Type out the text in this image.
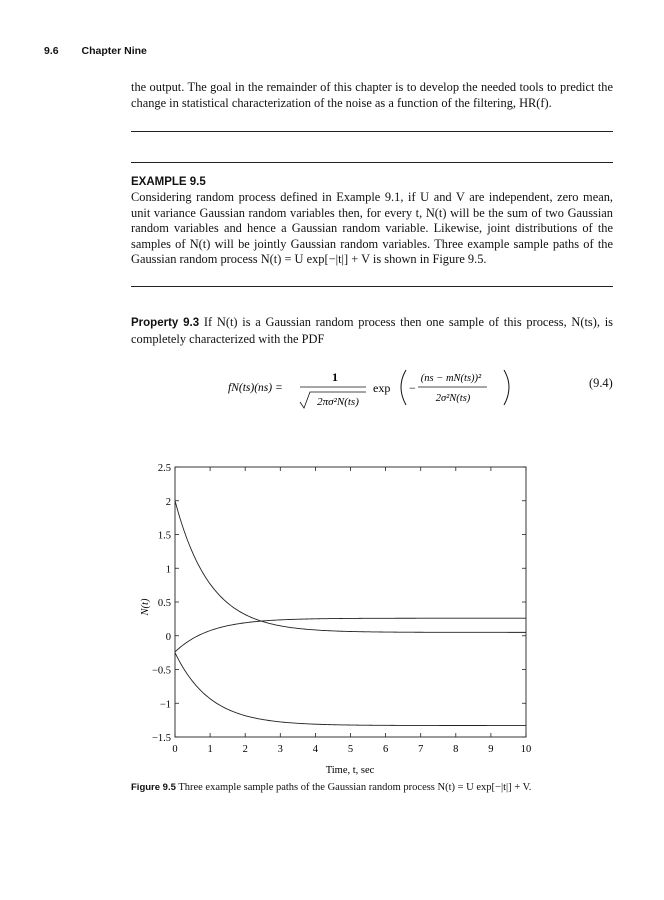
9.6 Chapter Nine
the output. The goal in the remainder of this chapter is to develop the needed tools to predict the change in statistical characterization of the noise as a function of the filtering, HR(f).
EXAMPLE 9.5
Considering random process defined in Example 9.1, if U and V are independent, zero mean, unit variance Gaussian random variables then, for every t, N(t) will be the sum of two Gaussian random variables and hence a Gaussian random variable. Likewise, joint distributions of the samples of N(t) will be jointly Gaussian random variables. Three example sample paths of the Gaussian random process N(t) = U exp[−|t|] + V is shown in Figure 9.5.
Property 9.3 If N(t) is a Gaussian random process then one sample of this process, N(ts), is completely characterized with the PDF
fN(ts)(ns) =
1
2πσ²N(ts)
exp −
(ns − mN(ts))²
2σ²N(ts)
(9.4)
0	1	2	3	4	5	6	7	8	9	10
2.5
2
1.5
1
0.5
0
−0.5
−1
−1.5
Time, t, sec
N(t)
Figure 9.5 Three example sample paths of the Gaussian random process N(t) = U exp[−|t|] + V.
